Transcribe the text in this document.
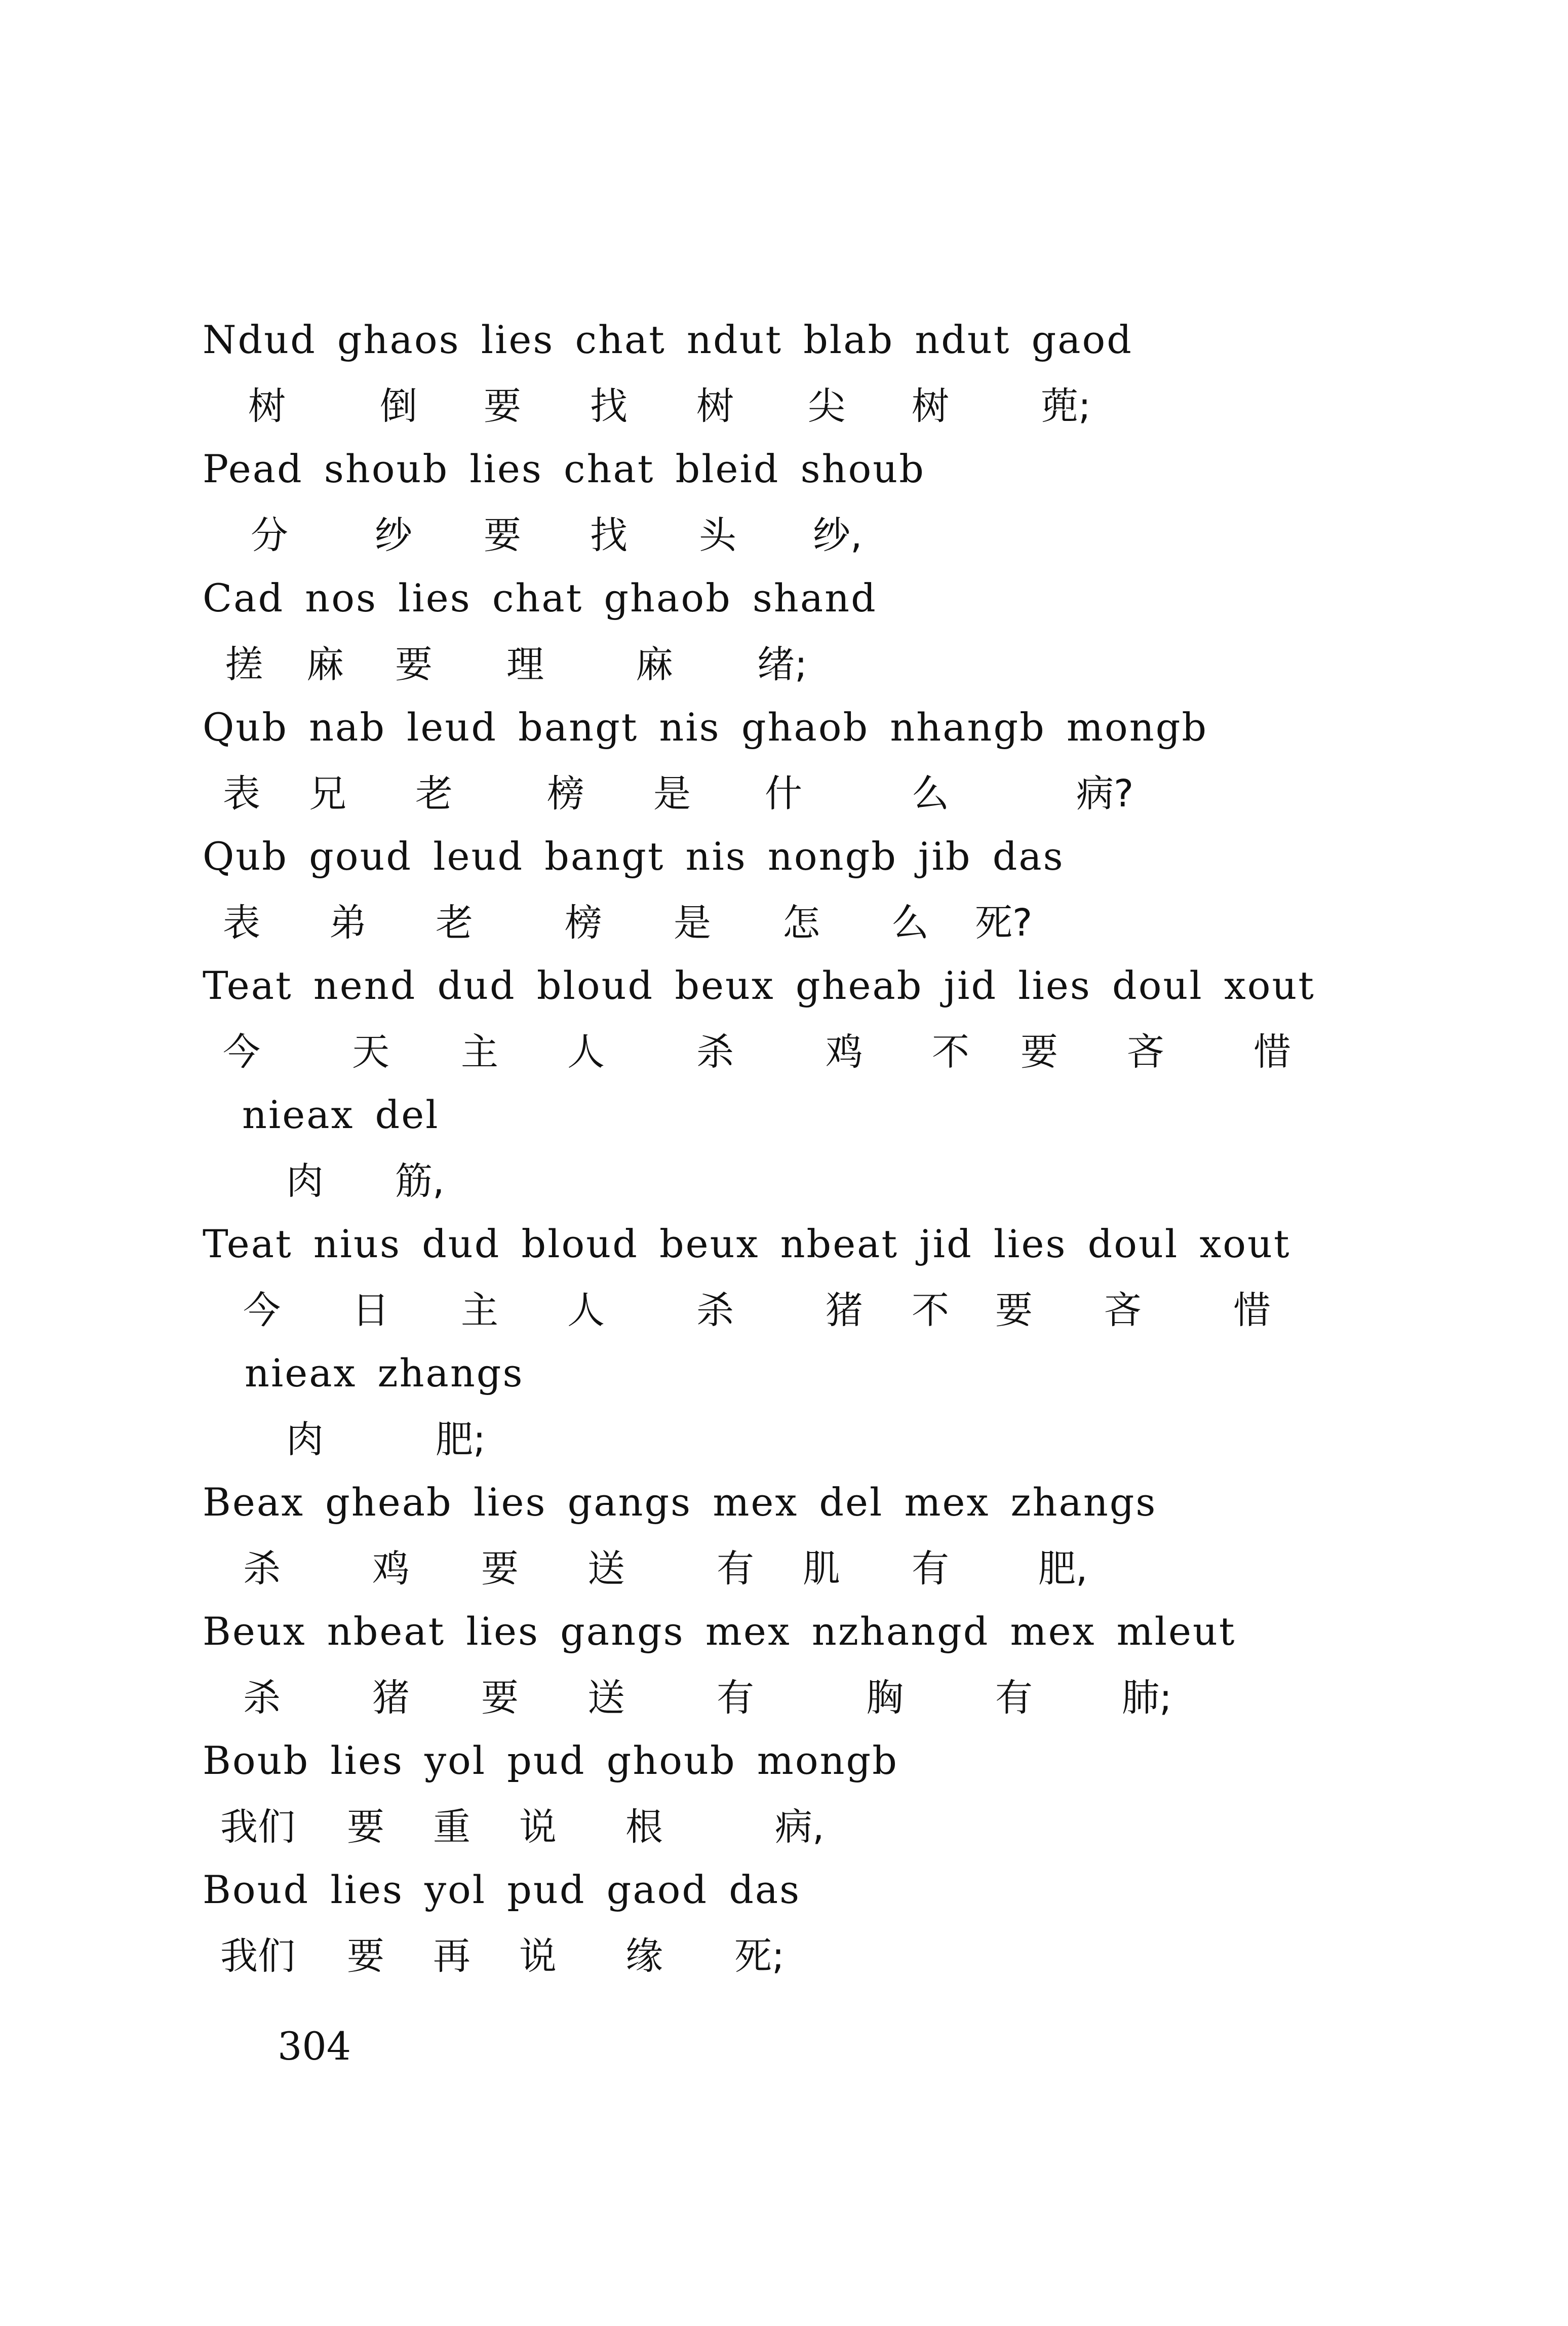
Ndud ghaos lies chat ndut blab ndut gaod
树	倒 要 找 树 尖 树 蔸;
Pead shoub lies chat bleid shoub
分 纱 要 找 头 纱,
Cad nos lies chat ghaob shand
搓 麻 要 理 麻 绪;
Qub nab leud bangt nis ghaob nhangb mongb
表 兄 老	榜 是 什	么	病?
Qub goud leud bangt nis nongb jib das
表 弟 老 榜 是 怎 么 死?
Teat nend dud bloud beux gheab jid lies doul xout
今 天 主 人 杀 鸡 不 要 吝 惜
nieax del
肉 筋,
Teat nius dud bloud beux nbeat jid lies doul xout
今 日 主 人 杀 猪 不 要 吝 惜
nieax zhangs
肉	肥;
Beax gheab lies gangs mex del mex zhangs
杀 鸡 要 送 有 肌 有 肥,
Beux nbeat lies gangs mex nzhangd mex mleut
杀 猪 要 送 有	胸 有 肺;
Boub lies yol pud ghoub mongb
我们 要 重 说 根	病,
Boud lies yol pud gaod das
我们 要 再 说 缘 死;
304
